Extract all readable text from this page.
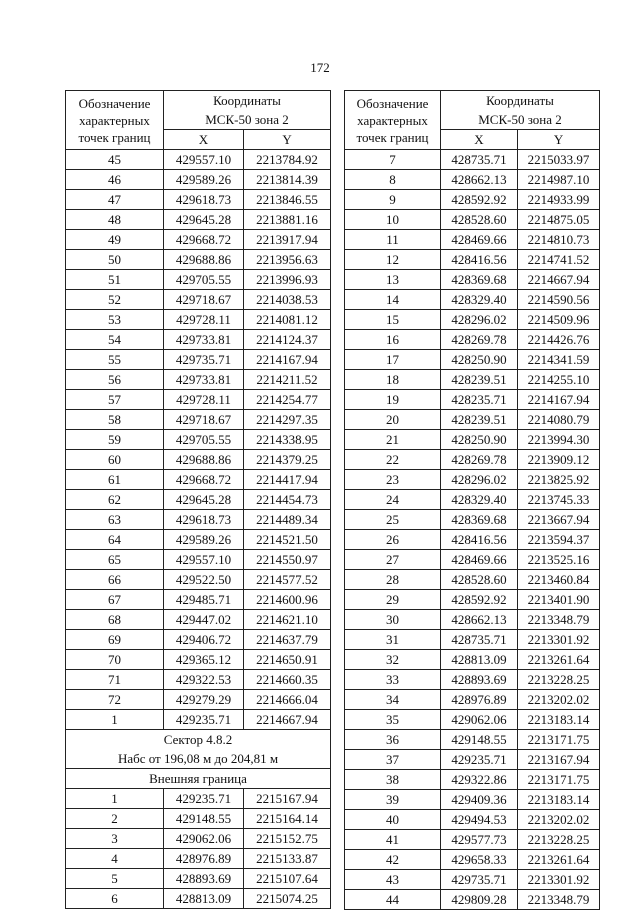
172
Обозначение
характерных
точек границ	Координаты	
	МСК-50 зона 2	
	X	Y
45	429557.10	2213784.92
46	429589.26	2213814.39
47	429618.73	2213846.55
48	429645.28	2213881.16
49	429668.72	2213917.94
50	429688.86	2213956.63
51	429705.55	2213996.93
52	429718.67	2214038.53
53	429728.11	2214081.12
54	429733.81	2214124.37
55	429735.71	2214167.94
56	429733.81	2214211.52
57	429728.11	2214254.77
58	429718.67	2214297.35
59	429705.55	2214338.95
60	429688.86	2214379.25
61	429668.72	2214417.94
62	429645.28	2214454.73
63	429618.73	2214489.34
64	429589.26	2214521.50
65	429557.10	2214550.97
66	429522.50	2214577.52
67	429485.71	2214600.96
68	429447.02	2214621.10
69	429406.72	2214637.79
70	429365.12	2214650.91
71	429322.53	2214660.35
72	429279.29	2214666.04
1	429235.71	2214667.94
Сектор 4.8.2		
Набс от 196,08 м до 204,81 м		
Внешняя граница		
1	429235.71	2215167.94
2	429148.55	2215164.14
3	429062.06	2215152.75
4	428976.89	2215133.87
5	428893.69	2215107.64
6	428813.09	2215074.25
Обозначение
характерных
точек границ	Координаты	
	МСК-50 зона 2	
	X	Y
7	428735.71	2215033.97
8	428662.13	2214987.10
9	428592.92	2214933.99
10	428528.60	2214875.05
11	428469.66	2214810.73
12	428416.56	2214741.52
13	428369.68	2214667.94
14	428329.40	2214590.56
15	428296.02	2214509.96
16	428269.78	2214426.76
17	428250.90	2214341.59
18	428239.51	2214255.10
19	428235.71	2214167.94
20	428239.51	2214080.79
21	428250.90	2213994.30
22	428269.78	2213909.12
23	428296.02	2213825.92
24	428329.40	2213745.33
25	428369.68	2213667.94
26	428416.56	2213594.37
27	428469.66	2213525.16
28	428528.60	2213460.84
29	428592.92	2213401.90
30	428662.13	2213348.79
31	428735.71	2213301.92
32	428813.09	2213261.64
33	428893.69	2213228.25
34	428976.89	2213202.02
35	429062.06	2213183.14
36	429148.55	2213171.75
37	429235.71	2213167.94
38	429322.86	2213171.75
39	429409.36	2213183.14
40	429494.53	2213202.02
41	429577.73	2213228.25
42	429658.33	2213261.64
43	429735.71	2213301.92
44	429809.28	2213348.79
